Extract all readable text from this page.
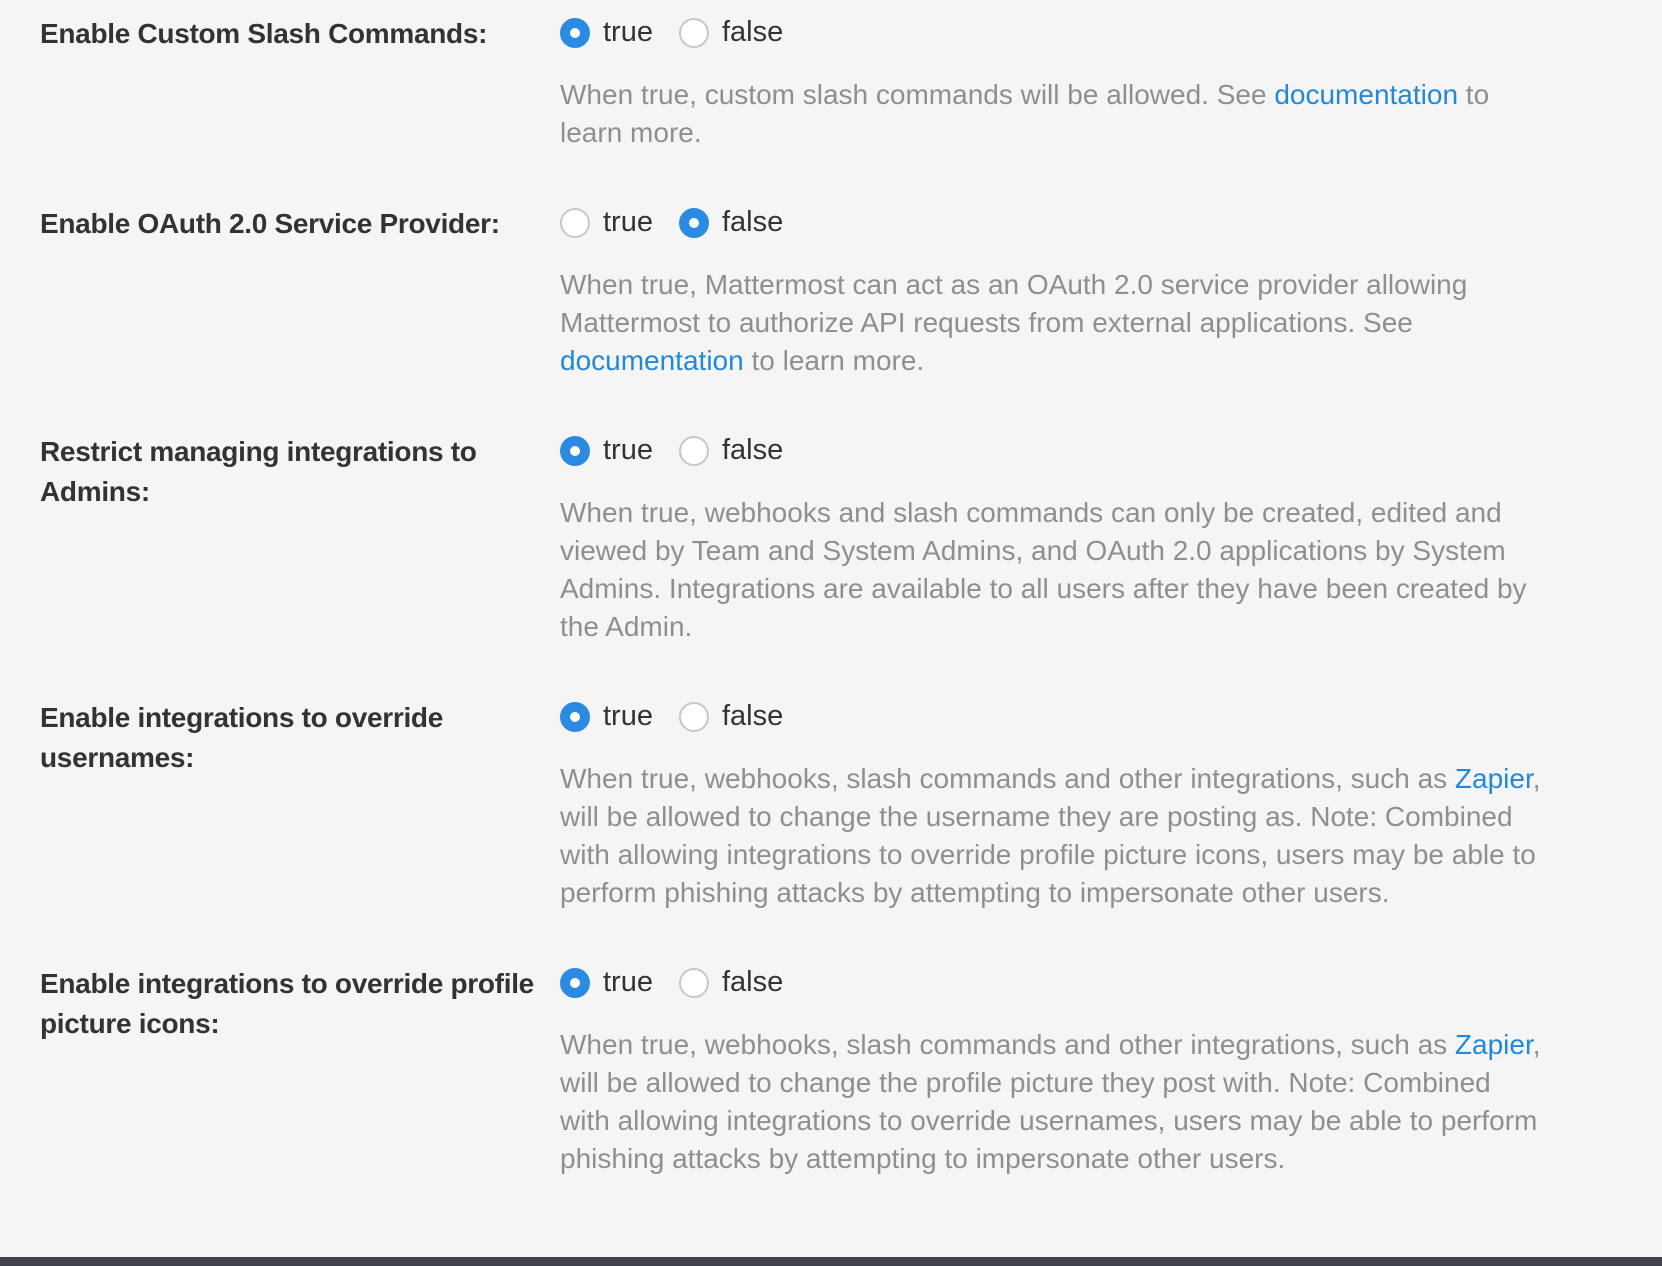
Enable Custom Slash Commands:	true false

When true, custom slash commands will be allowed. See documentation to learn more.

Enable OAuth 2.0 Service Provider:	true false

When true, Mattermost can act as an OAuth 2.0 service provider allowing Mattermost to authorize API requests from external applications. See documentation to learn more.

Restrict managing integrations to Admins:
true false

When true, webhooks and slash commands can only be created, edited and viewed by Team and System Admins, and OAuth 2.0 applications by System Admins. Integrations are available to all users after they have been created by the Admin.

Enable integrations to override usernames:
true false

When true, webhooks, slash commands and other integrations, such as Zapier, will be allowed to change the username they are posting as. Note: Combined with allowing integrations to override profile picture icons, users may be able to perform phishing attacks by attempting to impersonate other users.

Enable integrations to override profile picture icons:
true false

When true, webhooks, slash commands and other integrations, such as Zapier, will be allowed to change the profile picture they post with. Note: Combined with allowing integrations to override usernames, users may be able to perform phishing attacks by attempting to impersonate other users.
